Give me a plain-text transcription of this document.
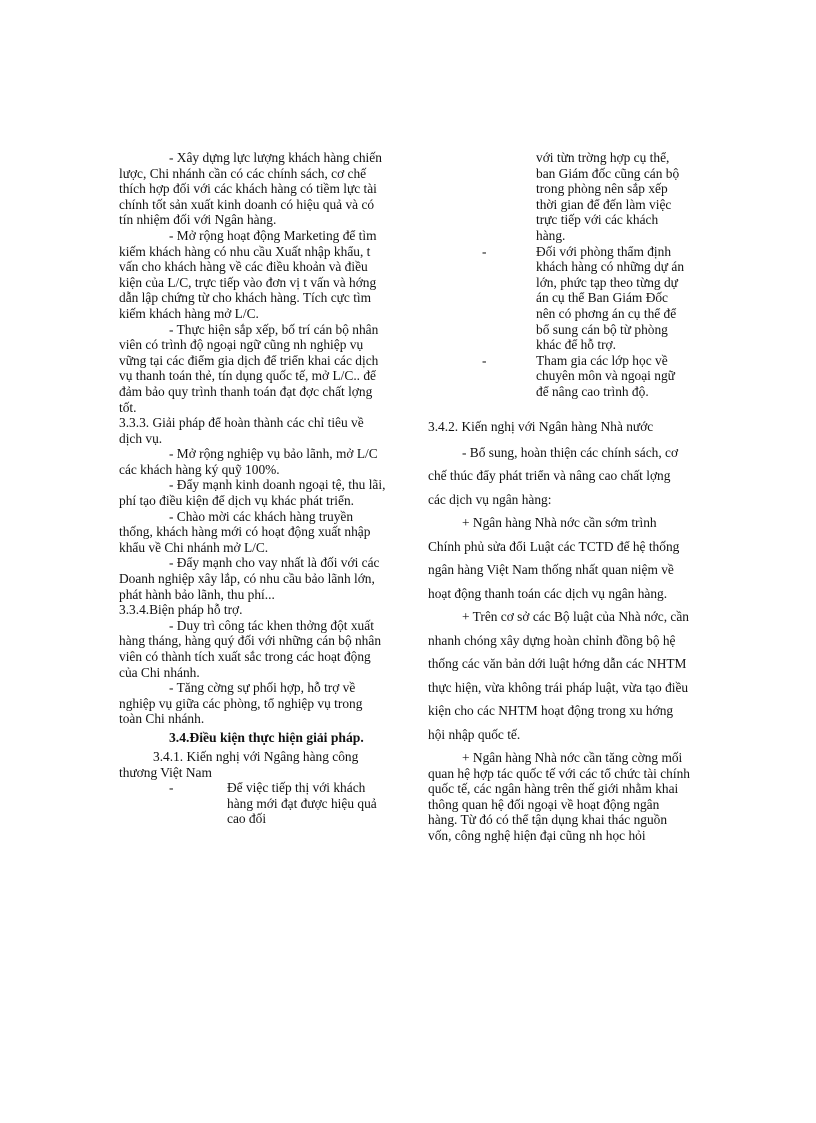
- Xây dựng lực lượng khách hàng chiến lược, Chi nhánh cần có các chính sách, cơ chế thích hợp đối với các khách hàng có tiềm lực tài chính tốt sản xuất kinh doanh có hiệu quả và có tín nhiệm đối với Ngân hàng.

- Mở rộng hoạt động Marketing để tìm kiếm khách hàng có nhu cầu Xuất nhập khẩu, t vấn cho khách hàng về các điều khoản và điều kiện của L/C, trực tiếp vào đơn vị t vấn và hớng dẫn lập chứng từ cho khách hàng. Tích cực tìm kiếm khách hàng mở L/C.

- Thực hiện sắp xếp, bố trí cán bộ nhân viên có trình độ ngoại ngữ cũng nh nghiệp vụ vững tại các điểm gia dịch để triển khai các dịch vụ thanh toán thẻ, tín dụng quốc tế, mở L/C.. để đảm bảo quy trình thanh toán đạt đợc chất lợng tốt.

3.3.3. Giải pháp để hoàn thành các chỉ tiêu về dịch vụ.

- Mở rộng nghiệp vụ bảo lãnh, mở L/C các khách hàng ký quỹ 100%.

- Đẩy mạnh kinh doanh ngoại tệ, thu lãi, phí tạo điều kiện để dịch vụ khác phát triển.

- Chào mời các khách hàng truyền thống, khách hàng mới có hoạt động xuất nhập khẩu về Chi nhánh mở L/C.

- Đẩy mạnh cho vay nhất là đối với các Doanh nghiệp xây lắp, có nhu cầu bảo lãnh lớn, phát hành bảo lãnh, thu phí...

3.3.4.Biện pháp hỗ trợ.

- Duy trì công tác khen thởng đột xuất hàng tháng, hàng quý đối với những cán bộ nhân viên có thành tích xuất sắc trong các hoạt động của Chi nhánh.

- Tăng cờng sự phối hợp, hỗ trợ về nghiệp vụ giữa các phòng, tổ nghiệp vụ trong toàn Chi nhánh.

3.4.Điều kiện thực hiện giải pháp.

3.4.1. Kiến nghị với Ngâng hàng công thương Việt Nam

-	Để việc tiếp thị với khách hàng mới đạt được hiệu quả cao đối

với từn trờng hợp cụ thể, ban Giám đốc cũng cán bộ trong phòng nên sắp xếp thời gian để đến làm việc trực tiếp với các khách hàng.

-	Đối với phòng thẩm định khách hàng có những dự án lớn, phức tạp theo từng dự án cụ thể Ban Giám Đốc nên có phơng án cụ thể để bổ sung cán bộ từ phòng khác để hỗ trợ.
-	Tham gia các lớp học về chuyên môn và ngoại ngữ để nâng cao trình độ.

3.4.2. Kiến nghị với Ngân hàng Nhà nước

- Bổ sung, hoàn thiện các chính sách, cơ chế thúc đẩy phát triển và nâng cao chất lợng các dịch vụ ngân hàng:

+ Ngân hàng Nhà nớc cần sớm trình Chính phủ sửa đổi Luật các TCTD để hệ thống ngân hàng Việt Nam thống nhất quan niệm về hoạt động thanh toán các dịch vụ ngân hàng.

+ Trên cơ sở các Bộ luật của Nhà nớc, cần nhanh chóng xây dựng hoàn chỉnh đồng bộ hệ thống các văn bản dới luật hớng dẫn các NHTM thực hiện, vừa không trái pháp luật, vừa tạo điều kiện cho các NHTM hoạt động trong xu hớng hội nhập quốc tế.

+ Ngân hàng Nhà nớc cần tăng cờng mối quan hệ hợp tác quốc tế với các tổ chức tài chính quốc tế, các ngân hàng trên thế giới nhằm khai thông quan hệ đối ngoại về hoạt động ngân hàng. Từ đó có thể tận dụng khai thác nguồn vốn, công nghệ hiện đại cũng nh học hỏi
